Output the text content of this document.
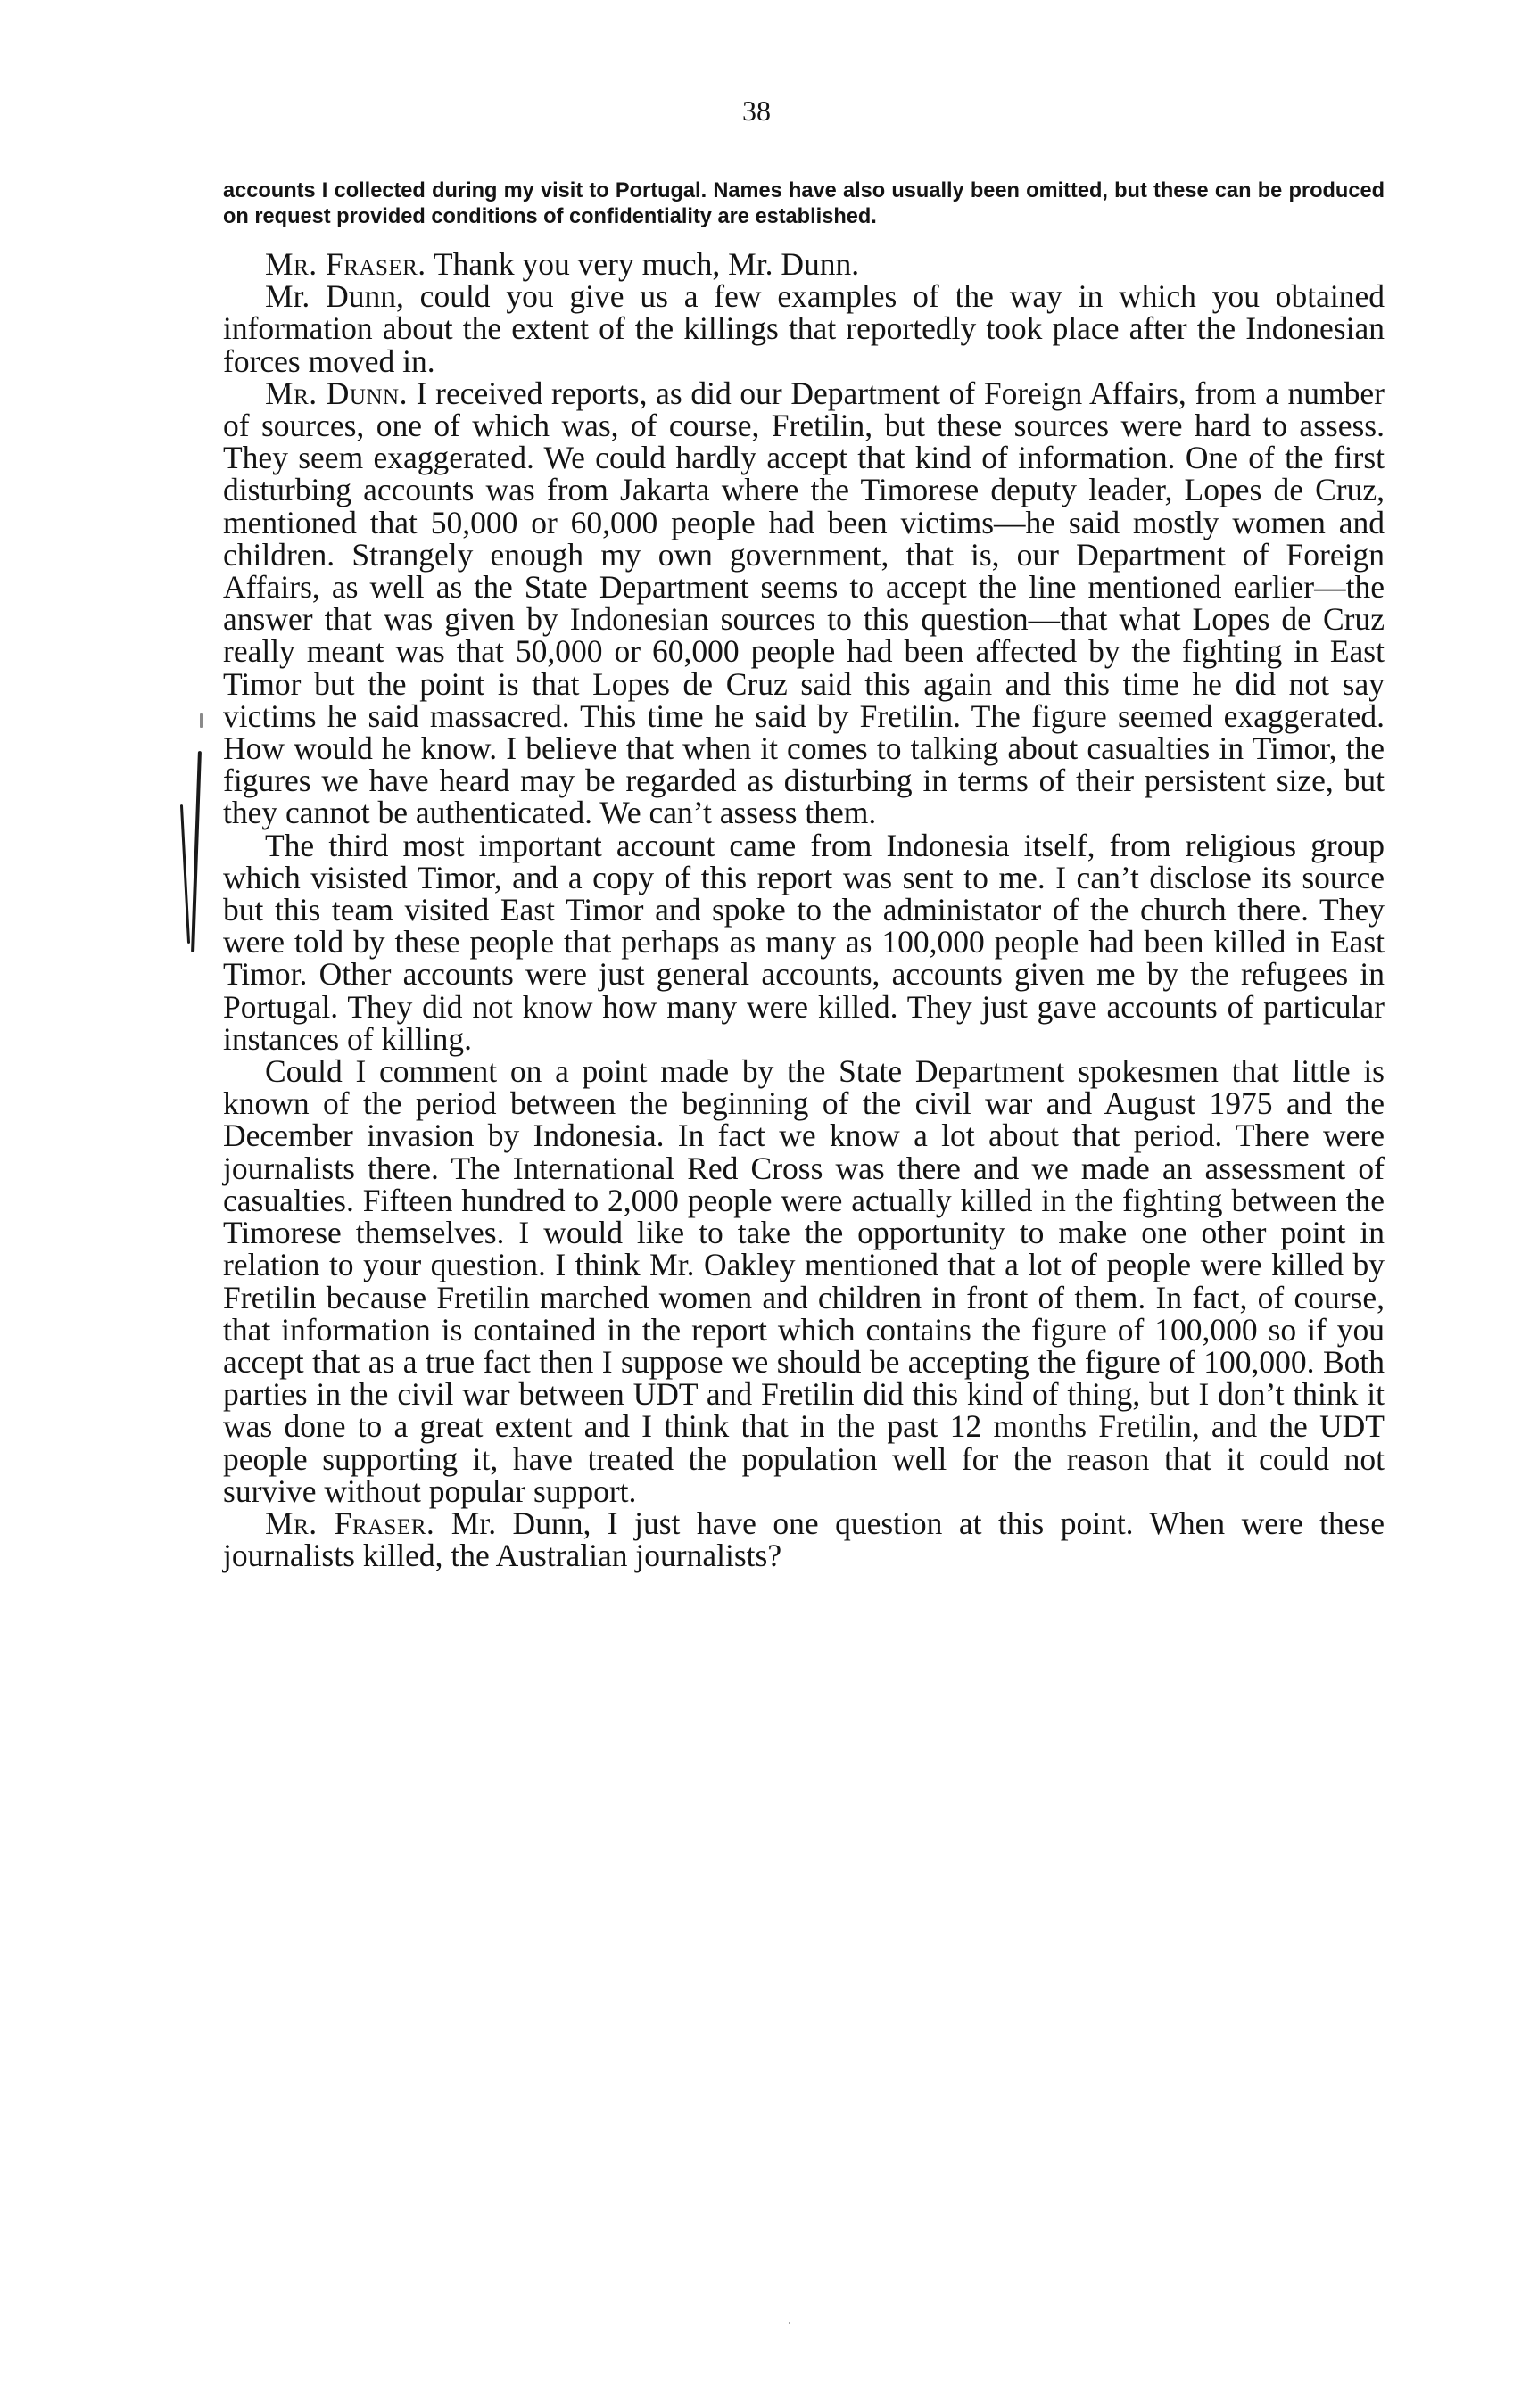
38

accounts I collected during my visit to Portugal. Names have also usually been omitted, but these can be produced on request provided conditions of confidentiality are established.

Mr. Fraser. Thank you very much, Mr. Dunn.

Mr. Dunn, could you give us a few examples of the way in which you obtained information about the extent of the killings that reportedly took place after the Indonesian forces moved in.

Mr. Dunn. I received reports, as did our Department of Foreign Affairs, from a number of sources, one of which was, of course, Fretilin, but these sources were hard to assess. They seem exaggerated. We could hardly accept that kind of information. One of the first disturbing accounts was from Jakarta where the Timorese deputy leader, Lopes de Cruz, mentioned that 50,000 or 60,000 people had been victims—he said mostly women and children. Strangely enough my own government, that is, our Department of Foreign Affairs, as well as the State Department seems to accept the line mentioned earlier—the answer that was given by Indonesian sources to this question—that what Lopes de Cruz really meant was that 50,000 or 60,000 people had been affected by the fighting in East Timor but the point is that Lopes de Cruz said this again and this time he did not say victims he said massacred. This time he said by Fretilin. The figure seemed exaggerated. How would he know. I believe that when it comes to talking about casualties in Timor, the figures we have heard may be regarded as disturbing in terms of their persistent size, but they cannot be authenticated. We can’t assess them.

The third most important account came from Indonesia itself, from religious group which visisted Timor, and a copy of this report was sent to me. I can’t disclose its source but this team visited East Timor and spoke to the administator of the church there. They were told by these people that perhaps as many as 100,000 people had been killed in East Timor. Other accounts were just general accounts, accounts given me by the refugees in Portugal. They did not know how many were killed. They just gave accounts of particular instances of killing.

Could I comment on a point made by the State Department spokesmen that little is known of the period between the beginning of the civil war and August 1975 and the December invasion by Indonesia. In fact we know a lot about that period. There were journalists there. The International Red Cross was there and we made an assessment of casualties. Fifteen hundred to 2,000 people were actually killed in the fighting between the Timorese themselves. I would like to take the opportunity to make one other point in relation to your question. I think Mr. Oakley mentioned that a lot of people were killed by Fretilin because Fretilin marched women and children in front of them. In fact, of course, that information is contained in the report which contains the figure of 100,000 so if you accept that as a true fact then I suppose we should be accepting the figure of 100,000. Both parties in the civil war between UDT and Fretilin did this kind of thing, but I don’t think it was done to a great extent and I think that in the past 12 months Fretilin, and the UDT people supporting it, have treated the population well for the reason that it could not survive without popular support.

Mr. Fraser. Mr. Dunn, I just have one question at this point. When were these journalists killed, the Australian journalists?
